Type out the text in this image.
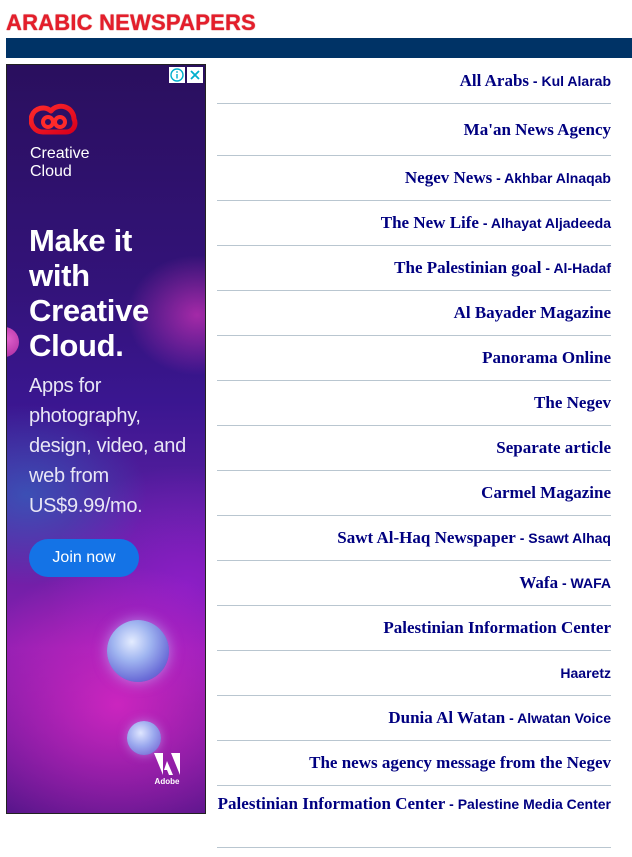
ARABIC NEWSPAPERS
Creative
Cloud
Make it with Creative Cloud.
Apps for photography, design, video, and web from US$9.99/mo.
Join now
Adobe
All Arabs - Kul Alarab
Ma'an News Agency
Negev News - Akhbar Alnaqab
The New Life - Alhayat Aljadeeda
The Palestinian goal - Al-Hadaf
Al Bayader Magazine
Panorama Online
The Negev
Separate article
Carmel Magazine
Sawt Al-Haq Newspaper - Ssawt Alhaq
Wafa - WAFA
Palestinian Information Center
Haaretz
Dunia Al Watan - Alwatan Voice
The news agency message from the Negev
Palestinian Information Center - Palestine Media Center
